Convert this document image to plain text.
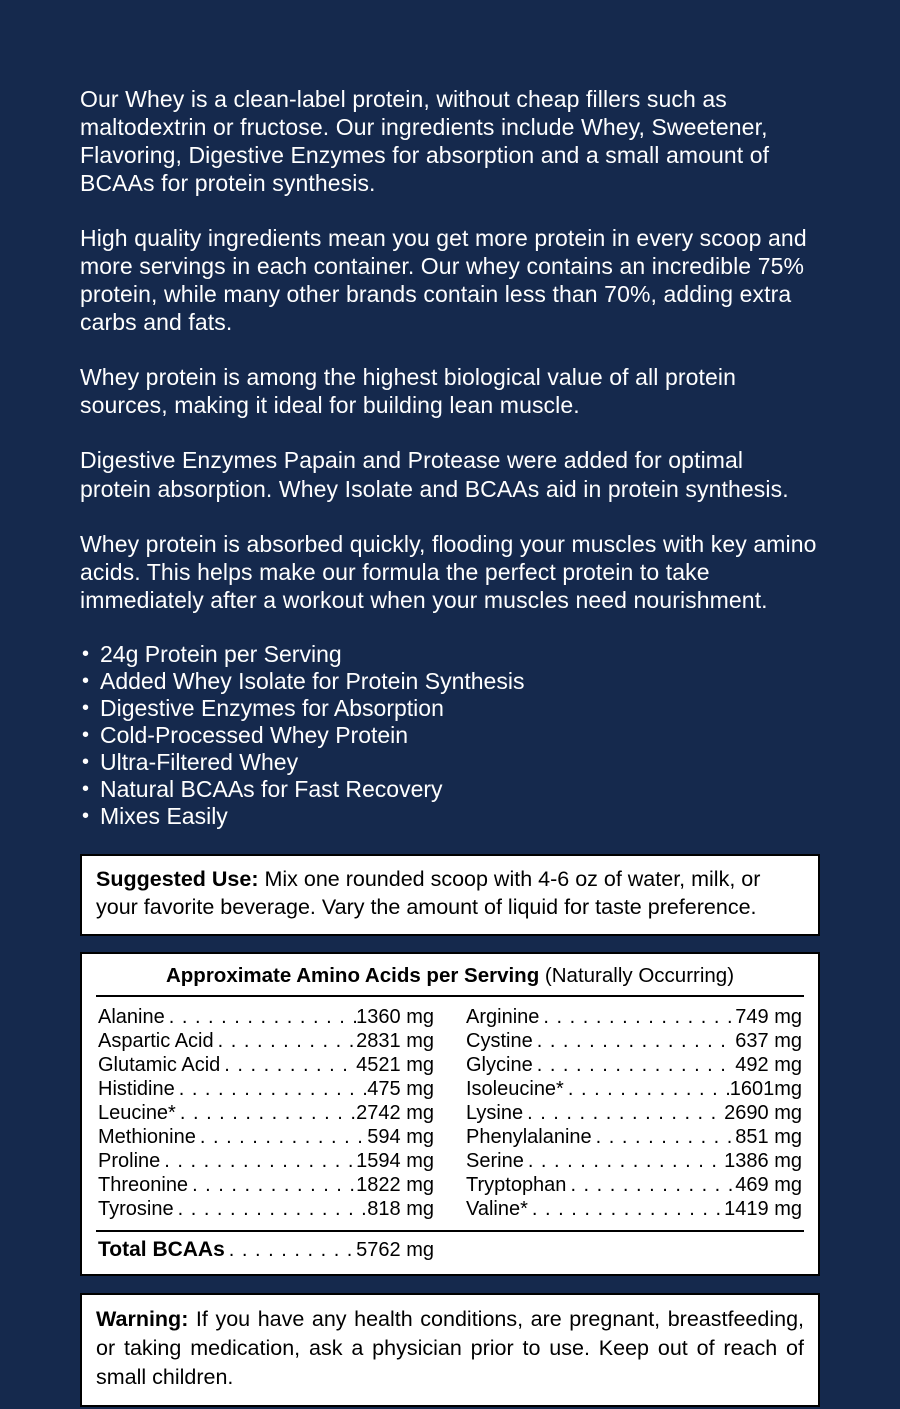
Our Whey is a clean-label protein, without cheap fillers such as maltodextrin or fructose. Our ingredients include Whey, Sweetener, Flavoring, Digestive Enzymes for absorption and a small amount of BCAAs for protein synthesis.

High quality ingredients mean you get more protein in every scoop and more servings in each container. Our whey contains an incredible 75% protein, while many other brands contain less than 70%, adding extra carbs and fats.

Whey protein is among the highest biological value of all protein sources, making it ideal for building lean muscle.

Digestive Enzymes Papain and Protease were added for optimal protein absorption. Whey Isolate and BCAAs aid in protein synthesis.

Whey protein is absorbed quickly, flooding your muscles with key amino acids. This helps make our formula the perfect protein to take immediately after a workout when your muscles need nourishment.

• 24g Protein per Serving
• Added Whey Isolate for Protein Synthesis
• Digestive Enzymes for Absorption
• Cold-Processed Whey Protein
• Ultra-Filtered Whey
• Natural BCAAs for Fast Recovery
• Mixes Easily
Suggested Use: Mix one rounded scoop with 4-6 oz of water, milk, or your favorite beverage. Vary the amount of liquid for taste preference.
Approximate Amino Acids per Serving (Naturally Occurring)
Alanine . . .	1360 mg
Aspartic Acid . . .	2831 mg
Glutamic Acid . . .	4521 mg
Histidine . . .	475 mg
Leucine* . . .	2742 mg
Methionine . . .	594 mg
Proline . . .	1594 mg
Threonine . . .	1822 mg
Tyrosine . . .	818 mg
Arginine . . .	749 mg
Cystine . . .	637 mg
Glycine . . .	492 mg
Isoleucine* . . .	1601mg
Lysine . . .	2690 mg
Phenylalanine . . .	851 mg
Serine . . .	1386 mg
Tryptophan . . .	469 mg
Valine* . . .	1419 mg
Total BCAAs . . .	5762 mg
Warning: If you have any health conditions, are pregnant, breastfeeding, or taking medication, ask a physician prior to use. Keep out of reach of small children.
